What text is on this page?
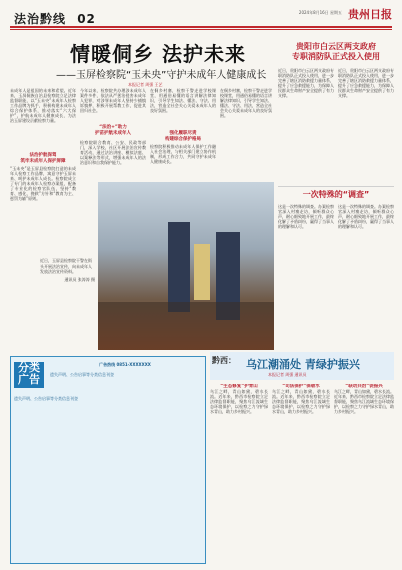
法治黔线 02	2024年8月16日 星期五 贵州日报
情暖侗乡 法护未来
——玉屏检察院“玉未央”守护未成年人健康成长
本报记者 周强 王艺
未成年人是祖国的未来和希望。近年来，玉屏侗族自治县检察院立足法律监督职能，以“玉未央”未成年人检察工作品牌为抓手，积极构建未成年人综合保护体系，推动落实“六大保护”，护航未成年人健康成长，为法治玉屏建设贡献检察力量。
法治护航保驾
筑牢未成年人保护屏障
“玉未央”是玉屏县检察院打造的未成年人检察工作品牌，寓意守护玉屏未来、呵护未成年人成长。检察院成立了专门的未成年人检察办案组，配备了专业化的检察官队伍，坚持“教育、感化、挽救”方针和“教育为主、惩罚为辅”原则。
今年以来，检察院共办理涉未成年人案件多件，依法从严惩治侵害未成年人犯罪，对涉罪未成年人坚持少捕慎诉慎押，积极开展帮教工作，促进其回归社会。
“法治+”助力
护苗护航未成年人
检察院联合教育、公安、民政等部门，深入学校、社区开展法治宣传教育活动，通过法治讲座、模拟法庭、以案释法等形式，增强未成年人的法治意识和自我保护能力。
在侗乡村寨，检察干警走进学校课堂，用通俗易懂的语言讲解法律知识，引导学生知法、懂法、守法、用法，营造全社会关心关爱未成年人的良好氛围。
强化履职尽责
构建综合保护格局
检察院积极推动未成年人保护工作融入社会治理，与相关部门建立协作机制，形成工作合力，共同守护未成年人健康成长。
在侗乡村寨，检察干警走进学校课堂，用通俗易懂的语言讲解法律知识，引导学生知法、懂法、守法、用法，营造全社会关心关爱未成年人的良好氛围。
近日，玉屏县检察院干警在街头开展法治宣传，向未成年人发放法治宣传资料。
通讯员 张涛涛 摄
贵阳市白云区两支政府
专职消防队正式投入使用
近日，贵阳市白云区两支政府专职消防队正式投入使用，进一步完善了辖区消防救援力量体系，提升了应急救援能力，为保障人民群众生命财产安全提供了有力支撑。
近日，贵阳市白云区两支政府专职消防队正式投入使用，进一步完善了辖区消防救援力量体系，提升了应急救援能力，为保障人民群众生命财产安全提供了有力支撑。
一次特殊的“调查”
这是一次特殊的调查。办案检察官深入村寨走访，倾听群众心声，耐心细致地开展工作，最终化解了矛盾纠纷，赢得了当事人的理解和认可。
这是一次特殊的调查。办案检察官深入村寨走访，倾听群众心声，耐心细致地开展工作，最终化解了矛盾纠纷，赢得了当事人的理解和认可。
分类
广告
广告热线 0851-XXXXXXX
遗失声明、公告启事等分类信息刊登
遗失声明、公告启事等分类信息刊登
黔西： 乌江潮涌处 青绿护振兴
本报记者 周强 通讯员
“生态修复”护青山
乌江之畔，青山如黛，碧水长流。近年来，黔西市检察院立足法律监督职能，聚焦乌江流域生态环境保护，以检察之力守护绿水青山，助力乡村振兴。
“司法保护”保碧水
乌江之畔，青山如黛，碧水长流。近年来，黔西市检察院立足法律监督职能，聚焦乌江流域生态环境保护，以检察之力守护绿水青山，助力乡村振兴。
“联动共治”促振兴
乌江之畔，青山如黛，碧水长流。近年来，黔西市检察院立足法律监督职能，聚焦乌江流域生态环境保护，以检察之力守护绿水青山，助力乡村振兴。
